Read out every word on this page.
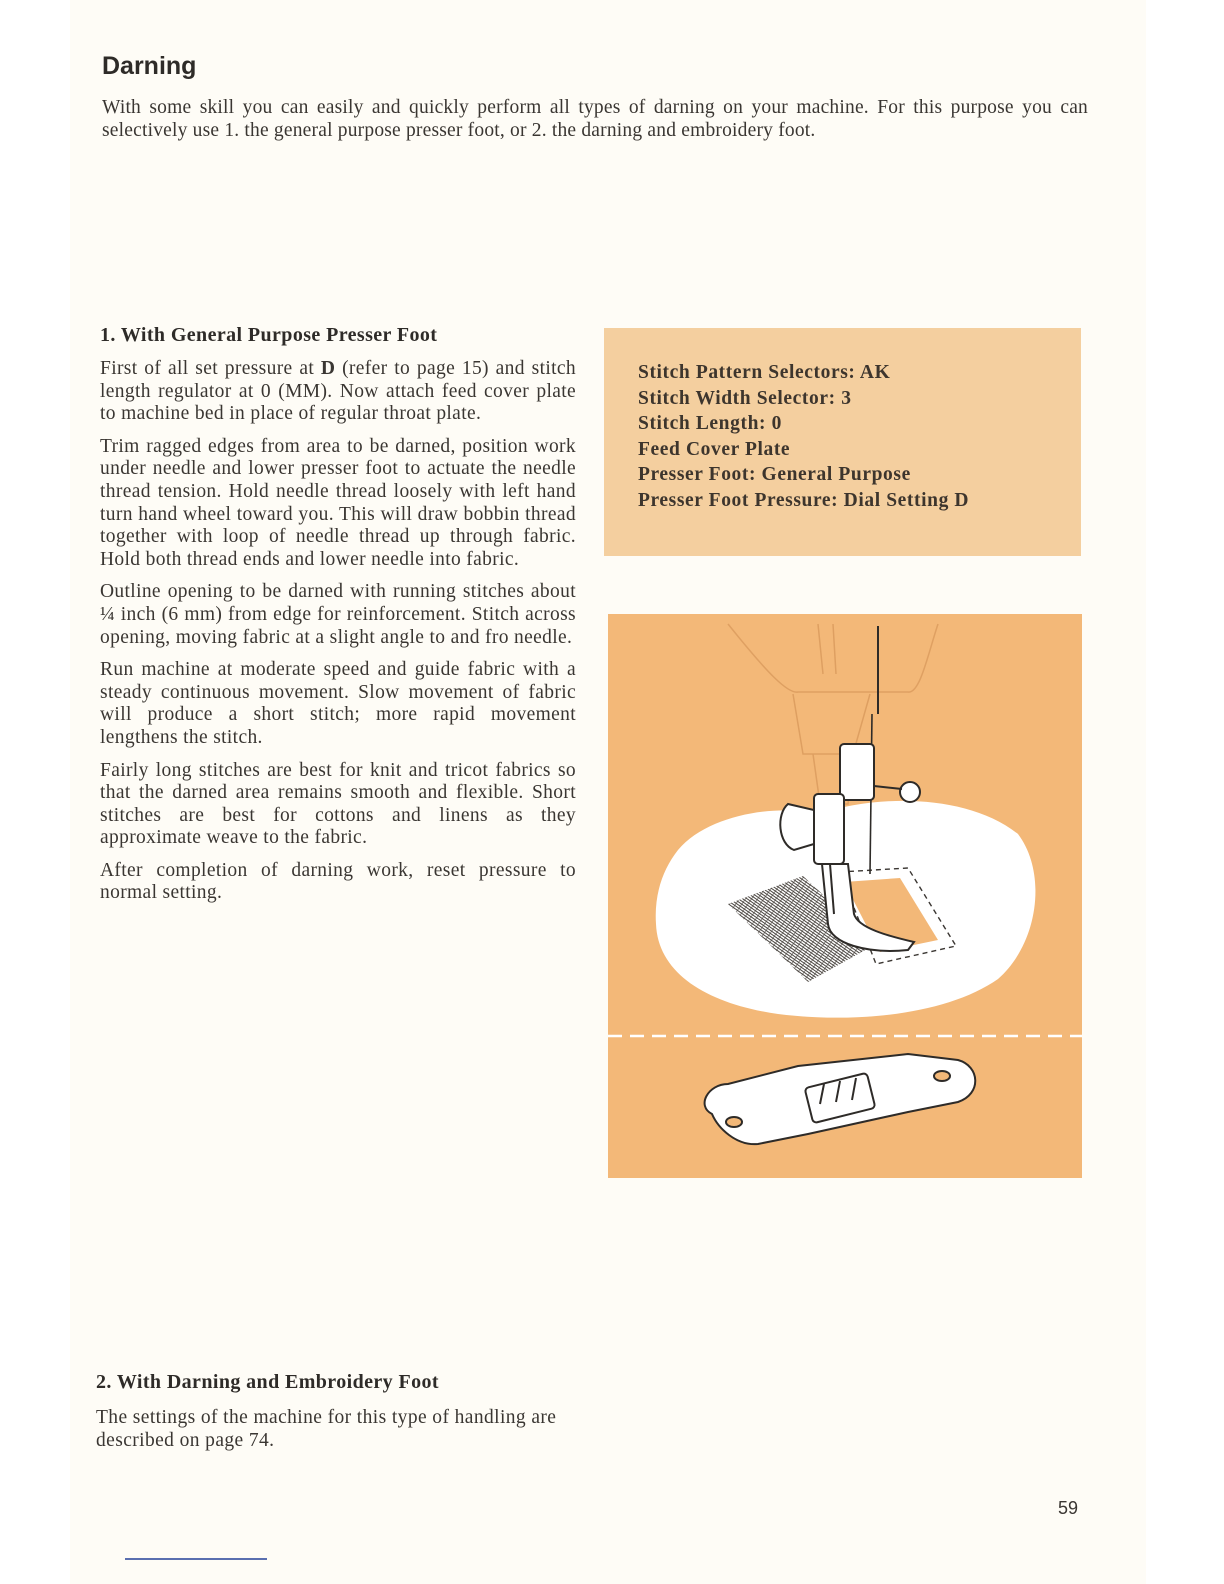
Darning

With some skill you can easily and quickly perform all types of darning on your machine. For this purpose you can selectively use 1. the general purpose presser foot, or 2. the darning and embroidery foot.

1. With General Purpose Presser Foot

First of all set pressure at D (refer to page 15) and stitch length regulator at 0 (MM). Now attach feed cover plate to machine bed in place of regular throat plate.

Trim ragged edges from area to be darned, position work under needle and lower presser foot to actuate the needle thread tension. Hold needle thread loosely with left hand turn hand wheel toward you. This will draw bobbin thread together with loop of needle thread up through fabric. Hold both thread ends and lower needle into fabric.

Outline opening to be darned with running stitches about ¼ inch (6 mm) from edge for reinforcement. Stitch across opening, moving fabric at a slight angle to and fro needle.

Run machine at moderate speed and guide fabric with a steady continuous movement. Slow movement of fabric will produce a short stitch; more rapid movement lengthens the stitch.

Fairly long stitches are best for knit and tricot fabrics so that the darned area remains smooth and flexible. Short stitches are best for cottons and linens as they approximate weave to the fabric.

After completion of darning work, reset pressure to normal setting.

Stitch Pattern Selectors: AK
Stitch Width Selector: 3
Stitch Length: 0
Feed Cover Plate
Presser Foot: General Purpose
Presser Foot Pressure: Dial Setting D
2. With Darning and Embroidery Foot

The settings of the machine for this type of handling are described on page 74.

59
